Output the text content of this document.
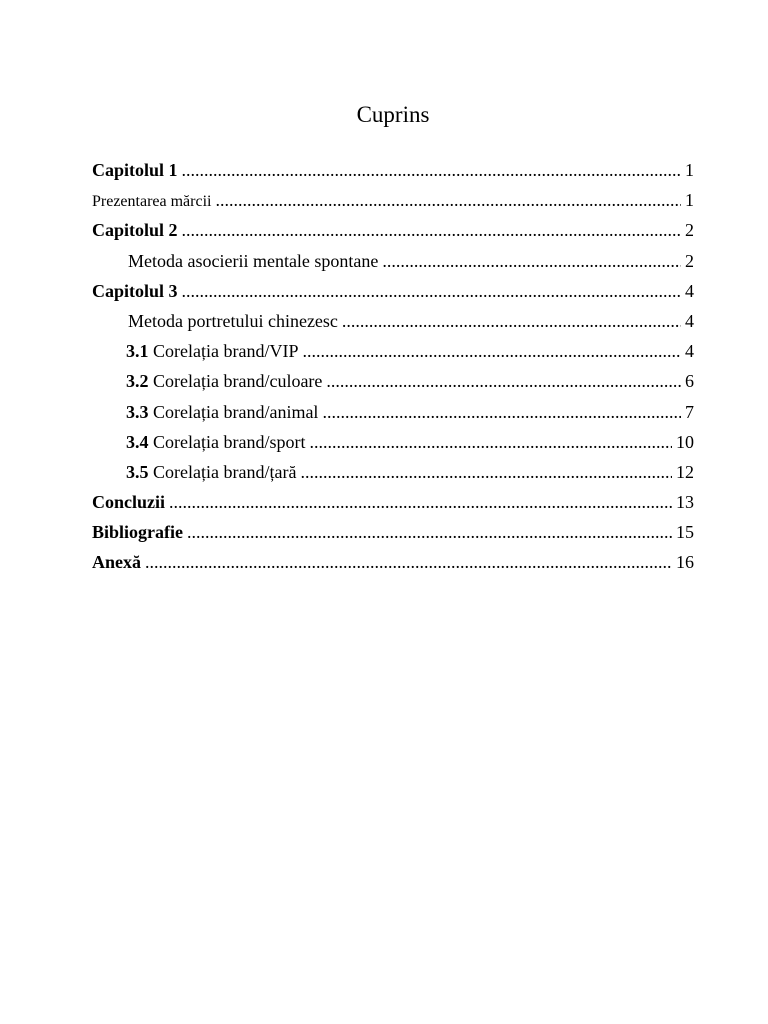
Cuprins
Capitolul 1 .....	1
Prezentarea mărcii .....	1
Capitolul 2 .....	2
Metoda asocierii mentale spontane .....	2
Capitolul 3 .....	4
Metoda portretului chinezesc .....	4
3.1 Corelația brand/VIP .....	4
3.2 Corelația brand/culoare .....	6
3.3 Corelația brand/animal .....	7
3.4 Corelația brand/sport .....	10
3.5 Corelația brand/țară .....	12
Concluzii .....	13
Bibliografie .....	15
Anexă .....	16
